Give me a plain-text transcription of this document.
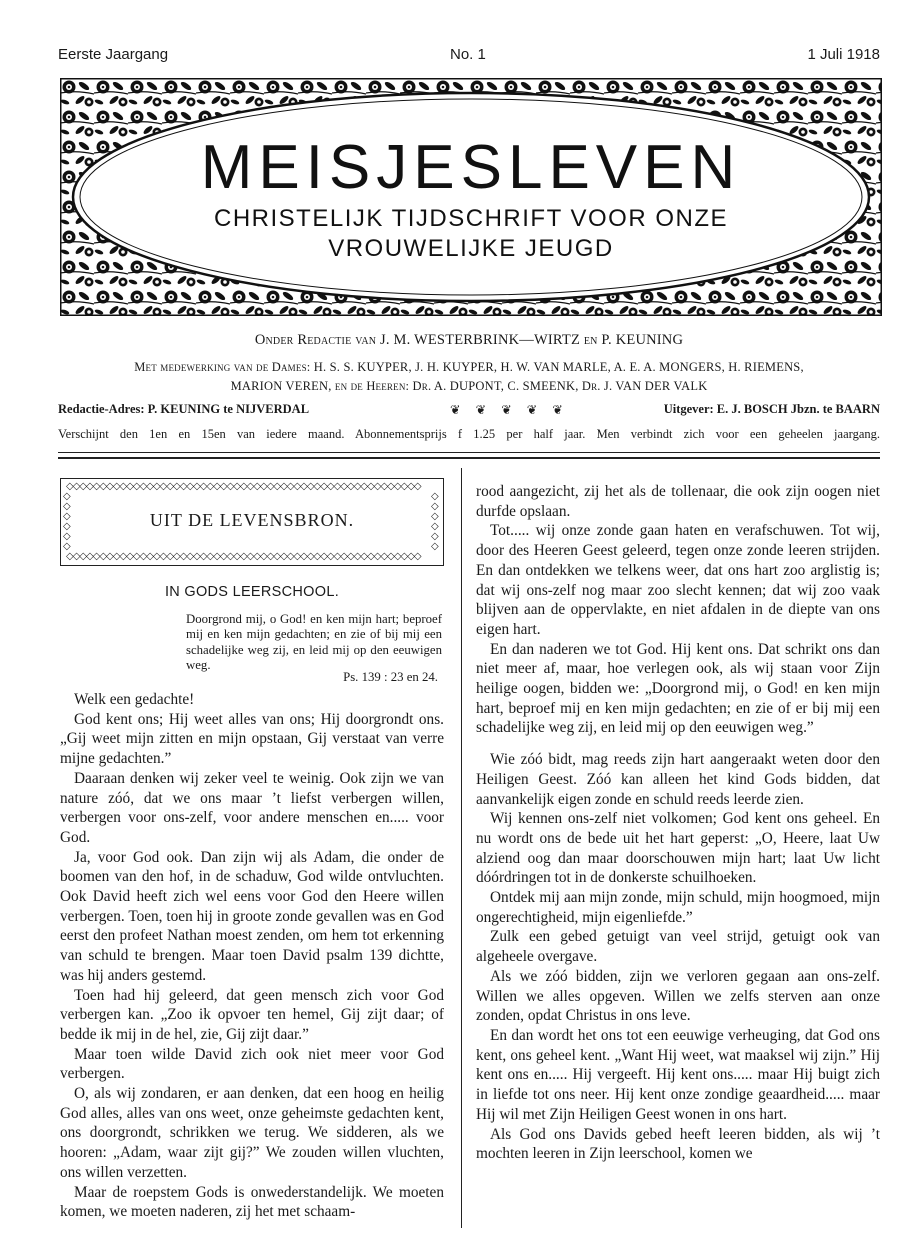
Eerste Jaargang	No. 1	1 Juli 1918
MEISJESLEVEN
CHRISTELIJK TIJDSCHRIFT VOOR ONZE
VROUWELIJKE JEUGD
Onder Redactie van J. M. WESTERBRINK—WIRTZ en P. KEUNING
Met medewerking van de Dames: H. S. S. KUYPER, J. H. KUYPER, H. W. VAN MARLE, A. E. A. MONGERS, H. RIEMENS,
MARION VEREN, en de Heeren: Dr. A. DUPONT, C. SMEENK, Dr. J. VAN DER VALK
Redactie-Adres: P. KEUNING te NIJVERDAL	❦ ❦ ❦ ❦ ❦	Uitgever: E. J. BOSCH Jbzn. te BAARN
Verschijnt den 1en en 15en van iedere maand. Abonnementsprijs f 1.25 per half jaar. Men verbindt zich voor een geheelen jaargang.
◇◇◇◇◇◇◇◇◇◇◇◇◇◇◇◇◇◇◇◇◇◇◇◇◇◇◇◇◇◇◇◇◇◇◇◇◇◇◇◇◇◇◇◇◇◇◇◇◇◇◇◇◇
◇◇◇◇◇◇◇◇◇◇◇◇◇◇◇◇◇◇◇◇◇◇◇◇◇◇◇◇◇◇◇◇◇◇◇◇◇◇◇◇◇◇◇◇◇◇◇◇◇◇◇◇◇
◇◇◇◇◇◇
◇◇◇◇◇◇
UIT DE LEVENSBRON.
IN GODS LEERSCHOOL.
Doorgrond mij, o God! en ken mijn hart; beproef mij en ken mijn gedachten; en zie of bij mij een schadelijke weg zij, en leid mij op den eeuwigen weg.
Ps. 139 : 23 en 24.

Welk een gedachte!

God kent ons; Hij weet alles van ons; Hij doorgrondt ons. „Gij weet mijn zitten en mijn opstaan, Gij verstaat van verre mijne gedachten.”

Daaraan denken wij zeker veel te weinig. Ook zijn we van nature zóó, dat we ons maar ’t liefst verbergen willen, verbergen voor ons-zelf, voor andere menschen en..... voor God.

Ja, voor God ook. Dan zijn wij als Adam, die onder de boomen van den hof, in de schaduw, God wilde ontvluchten. Ook David heeft zich wel eens voor God den Heere willen verbergen. Toen, toen hij in groote zonde gevallen was en God eerst den profeet Nathan moest zenden, om hem tot erkenning van schuld te brengen. Maar toen David psalm 139 dichtte, was hij anders gestemd.

Toen had hij geleerd, dat geen mensch zich voor God verbergen kan. „Zoo ik opvoer ten hemel, Gij zijt daar; of bedde ik mij in de hel, zie, Gij zijt daar.”

Maar toen wilde David zich ook niet meer voor God verbergen.

O, als wij zondaren, er aan denken, dat een hoog en heilig God alles, alles van ons weet, onze geheimste gedachten kent, ons doorgrondt, schrikken we terug. We sidderen, als we hooren: „Adam, waar zijt gij?” We zouden willen vluchten, ons willen verzetten.

Maar de roepstem Gods is onwederstandelijk. We moeten komen, we moeten naderen, zij het met schaam-

rood aangezicht, zij het als de tollenaar, die ook zijn oogen niet durfde opslaan.

Tot..... wij onze zonde gaan haten en verafschuwen. Tot wij, door des Heeren Geest geleerd, tegen onze zonde leeren strijden. En dan ontdekken we telkens weer, dat ons hart zoo arglistig is; dat wij ons-zelf nog maar zoo slecht kennen; dat wij zoo vaak blijven aan de oppervlakte, en niet afdalen in de diepte van ons eigen hart.

En dan naderen we tot God. Hij kent ons. Dat schrikt ons dan niet meer af, maar, hoe verlegen ook, als wij staan voor Zijn heilige oogen, bidden we: „Doorgrond mij, o God! en ken mijn hart, beproef mij en ken mijn gedachten; en zie of er bij mij een schadelijke weg zij, en leid mij op den eeuwigen weg.”

Wie zóó bidt, mag reeds zijn hart aangeraakt weten door den Heiligen Geest. Zóó kan alleen het kind Gods bidden, dat aanvankelijk eigen zonde en schuld reeds leerde zien.

Wij kennen ons-zelf niet volkomen; God kent ons geheel. En nu wordt ons de bede uit het hart geperst: „O, Heere, laat Uw alziend oog dan maar doorschouwen mijn hart; laat Uw licht dóórdringen tot in de donkerste schuilhoeken.

Ontdek mij aan mijn zonde, mijn schuld, mijn hoogmoed, mijn ongerechtigheid, mijn eigenliefde.”

Zulk een gebed getuigt van veel strijd, getuigt ook van algeheele overgave.

Als we zóó bidden, zijn we verloren gegaan aan ons-zelf. Willen we alles opgeven. Willen we zelfs sterven aan onze zonden, opdat Christus in ons leve.

En dan wordt het ons tot een eeuwige verheuging, dat God ons kent, ons geheel kent. „Want Hij weet, wat maaksel wij zijn.” Hij kent ons en..... Hij vergeeft. Hij kent ons..... maar Hij buigt zich in liefde tot ons neer. Hij kent onze zondige geaardheid..... maar Hij wil met Zijn Heiligen Geest wonen in ons hart.

Als God ons Davids gebed heeft leeren bidden, als wij ’t mochten leeren in Zijn leerschool, komen we
